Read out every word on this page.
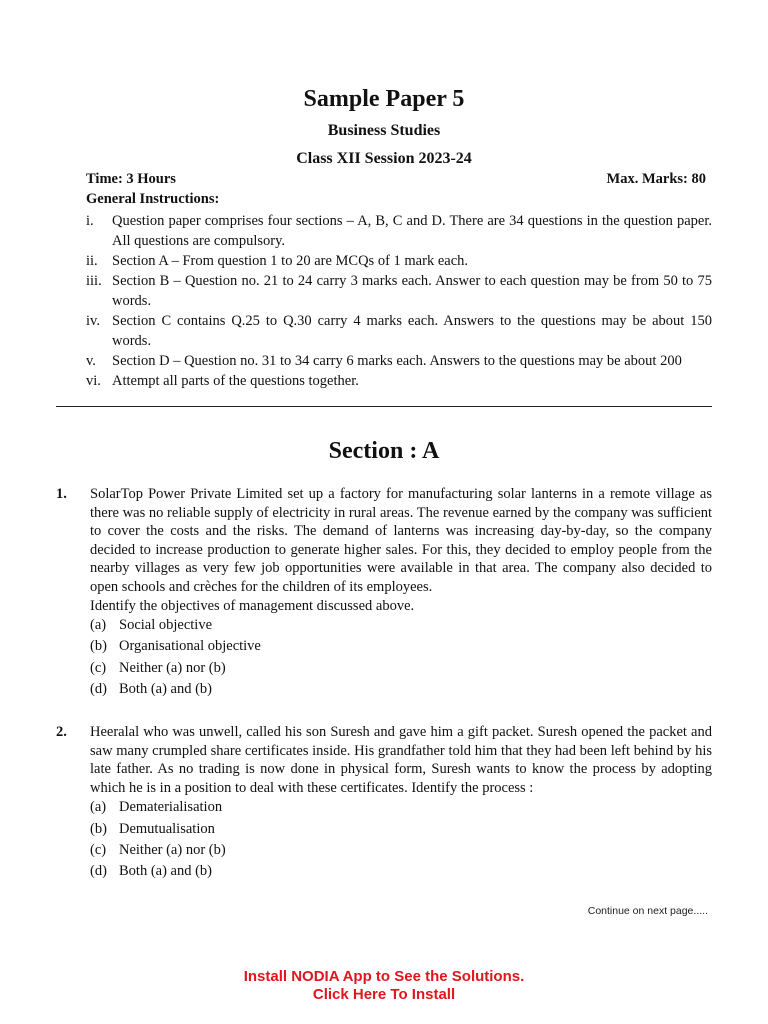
Sample Paper 5
Business Studies
Class XII Session 2023-24
Time: 3 Hours	Max. Marks: 80
General Instructions:
i. Question paper comprises four sections – A, B, C and D. There are 34 questions in the question paper. All questions are compulsory.
ii. Section A – From question 1 to 20 are MCQs of 1 mark each.
iii. Section B – Question no. 21 to 24 carry 3 marks each. Answer to each question may be from 50 to 75 words.
iv. Section C contains Q.25 to Q.30 carry 4 marks each. Answers to the questions may be about 150 words.
v. Section D – Question no. 31 to 34 carry 6 marks each. Answers to the questions may be about 200
vi. Attempt all parts of the questions together.
Section : A
1. SolarTop Power Private Limited set up a factory for manufacturing solar lanterns in a remote village as there was no reliable supply of electricity in rural areas. The revenue earned by the company was sufficient to cover the costs and the risks. The demand of lanterns was increasing day-by-day, so the company decided to increase production to generate higher sales. For this, they decided to employ people from the nearby villages as very few job opportunities were available in that area. The company also decided to open schools and crèches for the children of its employees.
Identify the objectives of management discussed above.
(a) Social objective
(b) Organisational objective
(c) Neither (a) nor (b)
(d) Both (a) and (b)
2. Heeralal who was unwell, called his son Suresh and gave him a gift packet. Suresh opened the packet and saw many crumpled share certificates inside. His grandfather told him that they had been left behind by his late father. As no trading is now done in physical form, Suresh wants to know the process by adopting which he is in a position to deal with these certificates. Identify the process :
(a) Dematerialisation
(b) Demutualisation
(c) Neither (a) nor (b)
(d) Both (a) and (b)
Continue on next page.....
Install NODIA App to See the Solutions.
Click Here To Install
